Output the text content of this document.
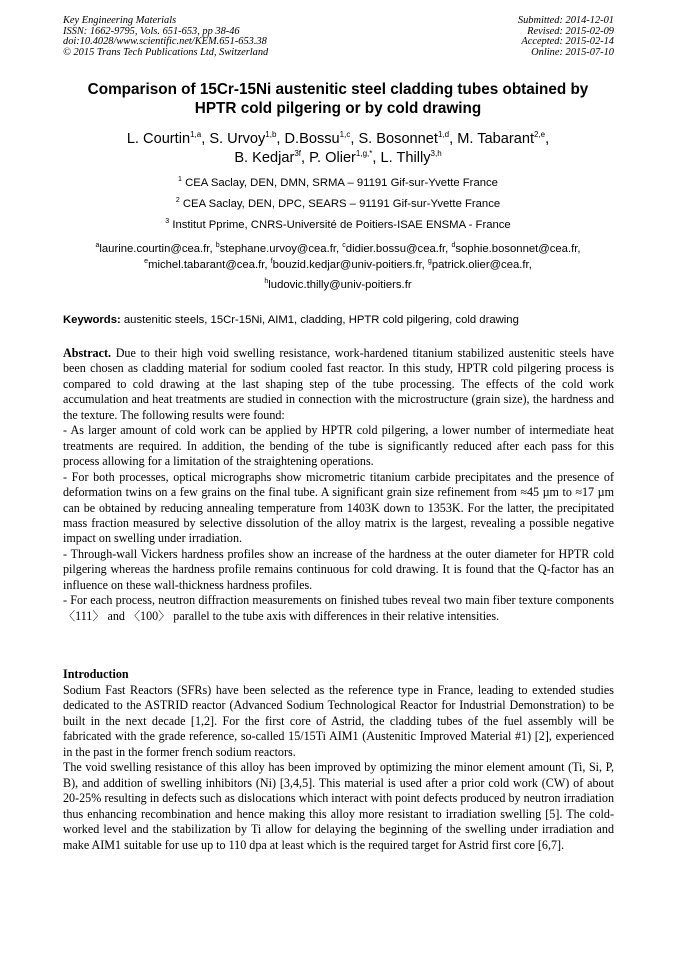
Key Engineering Materials
ISSN: 1662-9795, Vols. 651-653, pp 38-46
doi:10.4028/www.scientific.net/KEM.651-653.38
© 2015 Trans Tech Publications Ltd, Switzerland
Submitted: 2014-12-01
Revised: 2015-02-09
Accepted: 2015-02-14
Online: 2015-07-10
Comparison of 15Cr-15Ni austenitic steel cladding tubes obtained by
HPTR cold pilgering or by cold drawing
L. Courtin$^{1,a}$, S. Urvoy$^{1,b}$, D.Bossu$^{1,c}$, S. Bosonnet$^{1,d}$, M. Tabarant$^{2,e}$,
B. Kedjar$^{3f}$, P. Olier$^{1,g,*}$, L. Thilly$^{3,h}$
$^1$ CEA Saclay, DEN, DMN, SRMA – 91191 Gif-sur-Yvette France
$^2$ CEA Saclay, DEN, DPC, SEARS – 91191 Gif-sur-Yvette France
$^3$ Institut Pprime, CNRS-Université de Poitiers-ISAE ENSMA - France
$^a$laurine.courtin@cea.fr, $^b$stephane.urvoy@cea.fr, $^c$didier.bossu@cea.fr, $^d$sophie.bosonnet@cea.fr,
$^e$michel.tabarant@cea.fr, $^f$bouzid.kedjar@univ-poitiers.fr, $^g$patrick.olier@cea.fr,
$^h$ludovic.thilly@univ-poitiers.fr
Keywords: austenitic steels, 15Cr-15Ni, AIM1, cladding, HPTR cold pilgering, cold drawing

Abstract. Due to their high void swelling resistance, work-hardened titanium stabilized austenitic steels have been chosen as cladding material for sodium cooled fast reactor. In this study, HPTR cold pilgering process is compared to cold drawing at the last shaping step of the tube processing. The effects of the cold work accumulation and heat treatments are studied in connection with the microstructure (grain size), the hardness and the texture. The following results were found:

- As larger amount of cold work can be applied by HPTR cold pilgering, a lower number of intermediate heat treatments are required. In addition, the bending of the tube is significantly reduced after each pass for this process allowing for a limitation of the straightening operations.

- For both processes, optical micrographs show micrometric titanium carbide precipitates and the presence of deformation twins on a few grains on the final tube. A significant grain size refinement from ≈45 µm to ≈17 µm can be obtained by reducing annealing temperature from 1403K down to 1353K. For the latter, the precipitated mass fraction measured by selective dissolution of the alloy matrix is the largest, revealing a possible negative impact on swelling under irradiation.

- Through-wall Vickers hardness profiles show an increase of the hardness at the outer diameter for HPTR cold pilgering whereas the hardness profile remains continuous for cold drawing. It is found that the Q-factor has an influence on these wall-thickness hardness profiles.

- For each process, neutron diffraction measurements on finished tubes reveal two main fiber texture components 〈111〉 and 〈100〉 parallel to the tube axis with differences in their relative intensities.

Introduction

Sodium Fast Reactors (SFRs) have been selected as the reference type in France, leading to extended studies dedicated to the ASTRID reactor (Advanced Sodium Technological Reactor for Industrial Demonstration) to be built in the next decade [1,2]. For the first core of Astrid, the cladding tubes of the fuel assembly will be fabricated with the grade reference, so-called 15/15Ti AIM1 (Austenitic Improved Material #1) [2], experienced in the past in the former french sodium reactors.

The void swelling resistance of this alloy has been improved by optimizing the minor element amount (Ti, Si, P, B), and addition of swelling inhibitors (Ni) [3,4,5]. This material is used after a prior cold work (CW) of about 20-25% resulting in defects such as dislocations which interact with point defects produced by neutron irradiation thus enhancing recombination and hence making this alloy more resistant to irradiation swelling [5]. The cold-worked level and the stabilization by Ti allow for delaying the beginning of the swelling under irradiation and make AIM1 suitable for use up to 110 dpa at least which is the required target for Astrid first core [6,7].
